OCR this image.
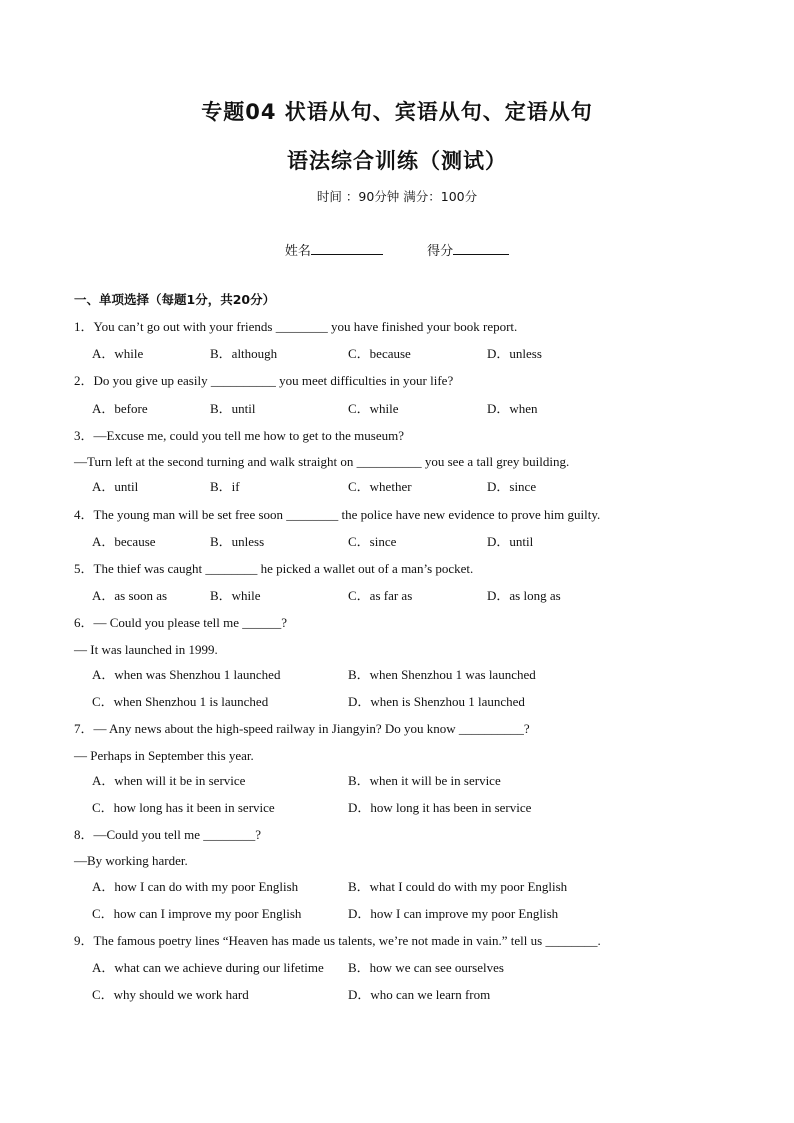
专题04 状语从句、宾语从句、定语从句
语法综合训练（测试）
时间 ：90分钟 满分：100分
姓名	得分
一、单项选择（每题1分，共20分）
1．You can’t go out with your friends ________ you have finished your book report.
A．while	B．although	C．because	D．unless
2．Do you give up easily __________ you meet difficulties in your life?
A．before	B．until	C．while	D．when
3．—Excuse me, could you tell me how to get to the museum?
—Turn left at the second turning and walk straight on __________ you see a tall grey building.
A．until	B．if	C．whether	D．since
4．The young man will be set free soon ________ the police have new evidence to prove him guilty.
A．because	B．unless	C．since	D．until
5．The thief was caught ________ he picked a wallet out of a man’s pocket.
A．as soon as	B．while	C．as far as	D．as long as
6．— Could you please tell me ______?
— It was launched in 1999.
A．when was Shenzhou 1 launched	B．when Shenzhou 1 was launched
C．when Shenzhou 1 is launched	D．when is Shenzhou 1 launched
7．— Any news about the high-speed railway in Jiangyin? Do you know __________?
— Perhaps in September this year.
A．when will it be in service	B．when it will be in service
C．how long has it been in service	D．how long it has been in service
8．—Could you tell me ________?
—By working harder.
A．how I can do with my poor English	B．what I could do with my poor English
C．how can I improve my poor English	D．how I can improve my poor English
9．The famous poetry lines “Heaven has made us talents, we’re not made in vain.” tell us ________.
A．what can we achieve during our lifetime B．how we can see ourselves
C．why should we work hard	D．who can we learn from
